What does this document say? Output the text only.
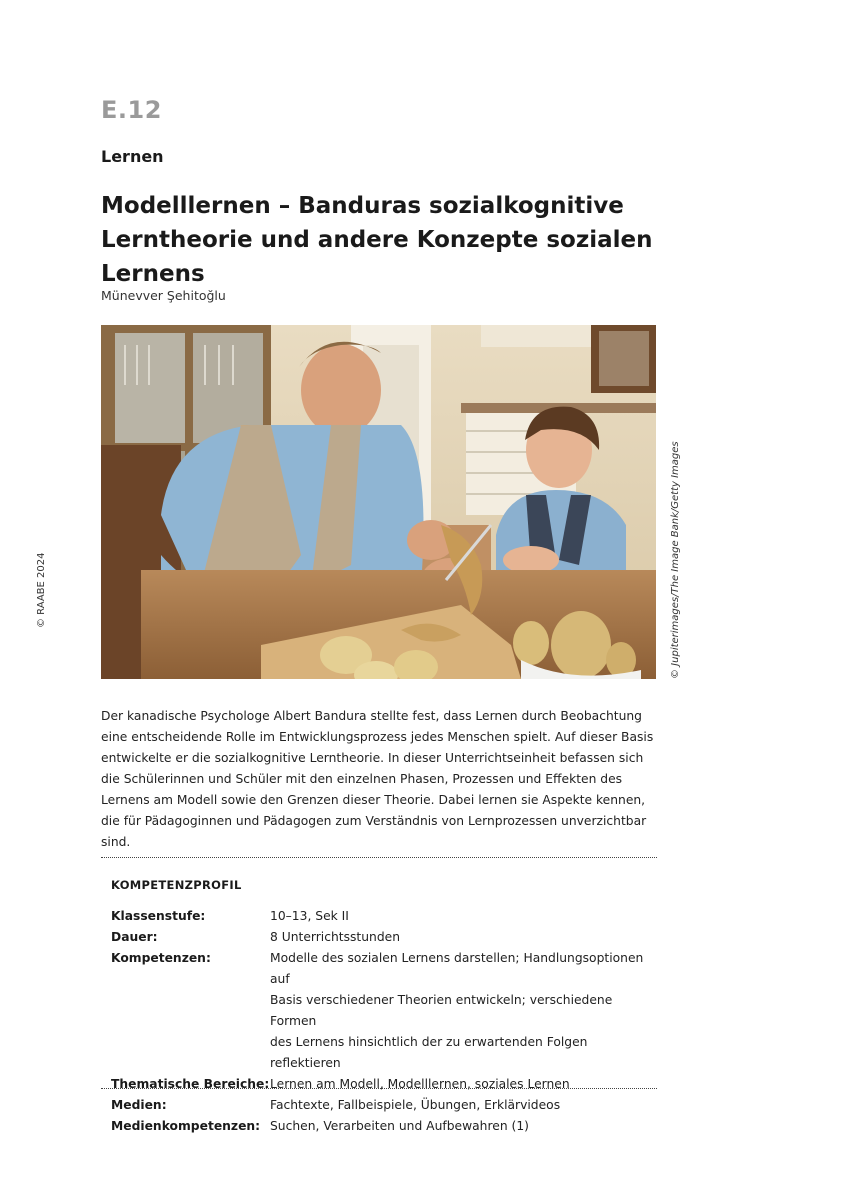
E.12
Lernen
Modelllernen – Banduras sozialkognitive
Lerntheorie und andere Konzepte sozialen Lernens
Münevver Şehitoğlu
© Jupiterimages/The Image Bank/Getty Images
© RAABE 2024

Der kanadische Psychologe Albert Bandura stellte fest, dass Lernen durch Beobachtung eine entscheidende Rolle im Entwicklungsprozess jedes Menschen spielt. Auf dieser Basis entwickelte er die sozialkognitive Lerntheorie. In dieser Unterrichtseinheit befassen sich die Schülerinnen und Schüler mit den einzelnen Phasen, Prozessen und Effekten des Lernens am Modell sowie den Grenzen dieser Theorie. Dabei lernen sie Aspekte kennen, die für Pädagoginnen und Pädagogen zum Verständnis von Lernprozessen unverzichtbar sind.

KOMPETENZPROFIL
Klassenstufe:	10–13, Sek II
Dauer:	8 Unterrichtsstunden
Kompetenzen:	Modelle des sozialen Lernens darstellen; Handlungsoptionen auf
Basis verschiedener Theorien entwickeln; verschiedene Formen
des Lernens hinsichtlich der zu erwartenden Folgen reflektieren
Thematische Bereiche: Lernen am Modell, Modelllernen, soziales Lernen
Medien:	Fachtexte, Fallbeispiele, Übungen, Erklärvideos
Medienkompetenzen: Suchen, Verarbeiten und Aufbewahren (1)
